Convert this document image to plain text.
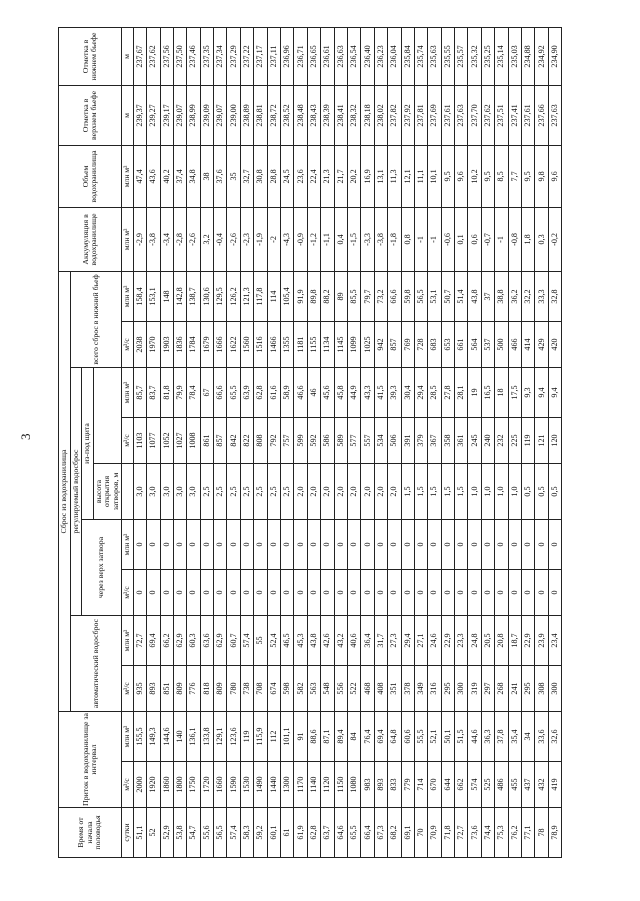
3
Время от начала половодья	Приток в водохранилище за интервал		Сброс из водохранилища									Аккумуляция в водохранилище	Объем водохранилища	Отметка в верхнем бьефе	Отметка в нижнем бьефе
			автоматический водосброс		регулируемый водосброс					всего сброс в нижний бьеф					
					через верх затвора		из-под щита								
							высота открытия затворов, м								
сутки	м³/с	млн м³	м³/с	млн м³	м³/с	млн м³		м³/с	млн м³	м³/с	млн м³	млн м³	млн м³	м	м
51,1	2000	155,5	935	72,7	0	0	3,0	1103	85,7	2038	158,4	-2,9	47,4	239,37	237,67
52	1920	149,3	893	69,4	0	0	3,0	1077	83,7	1970	153,1	-3,8	43,6	239,27	237,62
52,9	1860	144,6	851	66,2	0	0	3,0	1052	81,8	1903	148	-3,4	40,2	239,17	237,56
53,8	1800	140	809	62,9	0	0	3,0	1027	79,9	1836	142,8	-2,8	37,4	239,07	237,50
54,7	1750	136,1	776	60,3	0	0	3,0	1008	78,4	1784	138,7	-2,6	34,8	238,99	237,46
55,6	1720	133,8	818	63,6	0	0	2,5	861	67	1679	130,6	3,2	38	239,09	237,35
56,5	1660	129,1	809	62,9	0	0	2,5	857	66,6	1666	129,5	-0,4	37,6	239,07	237,34
57,4	1590	123,6	780	60,7	0	0	2,5	842	65,5	1622	126,2	-2,6	35	239,00	237,29
58,3	1530	119	738	57,4	0	0	2,5	822	63,9	1560	121,3	-2,3	32,7	238,89	237,22
59,2	1490	115,9	708	55	0	0	2,5	808	62,8	1516	117,8	-1,9	30,8	238,81	237,17
60,1	1440	112	674	52,4	0	0	2,5	792	61,6	1466	114	-2	28,8	238,72	237,11
61	1300	101,1	598	46,5	0	0	2,5	757	58,9	1355	105,4	-4,3	24,5	238,52	236,96
61,9	1170	91	582	45,3	0	0	2,0	599	46,6	1181	91,9	-0,9	23,6	238,48	236,71
62,8	1140	88,6	563	43,8	0	0	2,0	592	46	1155	89,8	-1,2	22,4	238,43	236,65
63,7	1120	87,1	548	42,6	0	0	2,0	586	45,6	1134	88,2	-1,1	21,3	238,39	236,61
64,6	1150	89,4	556	43,2	0	0	2,0	589	45,8	1145	89	0,4	21,7	238,41	236,63
65,5	1080	84	522	40,6	0	0	2,0	577	44,9	1099	85,5	-1,5	20,2	238,32	236,54
66,4	983	76,4	468	36,4	0	0	2,0	557	43,3	1025	79,7	-3,3	16,9	238,18	236,40
67,3	893	69,4	408	31,7	0	0	2,0	534	41,5	942	73,2	-3,8	13,1	238,02	236,23
68,2	833	64,8	351	27,3	0	0	2,0	506	39,3	857	66,6	-1,8	11,3	237,82	236,04
69,1	779	60,6	378	29,4	0	0	1,5	391	30,4	769	59,8	0,8	12,1	237,92	235,84
70	714	55,5	349	27,1	0	0	1,5	379	29,4	728	56,5	-1	11,1	237,81	235,74
70,9	670	52,1	316	24,6	0	0	1,5	367	28,5	683	53,1	-1	10,1	237,69	235,63
71,8	644	50,1	295	22,9	0	0	1,5	358	27,8	653	50,7	-0,6	9,5	237,61	235,55
72,7	662	51,5	300	23,3	0	0	1,5	361	28,1	661	51,4	0,1	9,6	237,63	235,57
73,6	574	44,6	319	24,8	0	0	1,0	245	19	564	43,8	0,6	10,2	237,70	235,32
74,4	525	36,3	297	20,5	0	0	1,0	240	16,5	537	37	-0,7	9,5	237,62	235,25
75,3	486	37,8	268	20,8	0	0	1,0	232	18	500	38,8	-1	8,5	237,51	235,14
76,2	455	35,4	241	18,7	0	0	1,0	225	17,5	466	36,2	-0,8	7,7	237,41	235,03
77,1	437	34	295	22,9	0	0	0,5	119	9,3	414	32,2	1,8	9,5	237,61	234,88
78	432	33,6	308	23,9	0	0	0,5	121	9,4	429	33,3	0,3	9,8	237,66	234,92
78,9	419	32,6	300	23,4	0	0	0,5	120	9,4	420	32,8	-0,2	9,6	237,63	234,90
